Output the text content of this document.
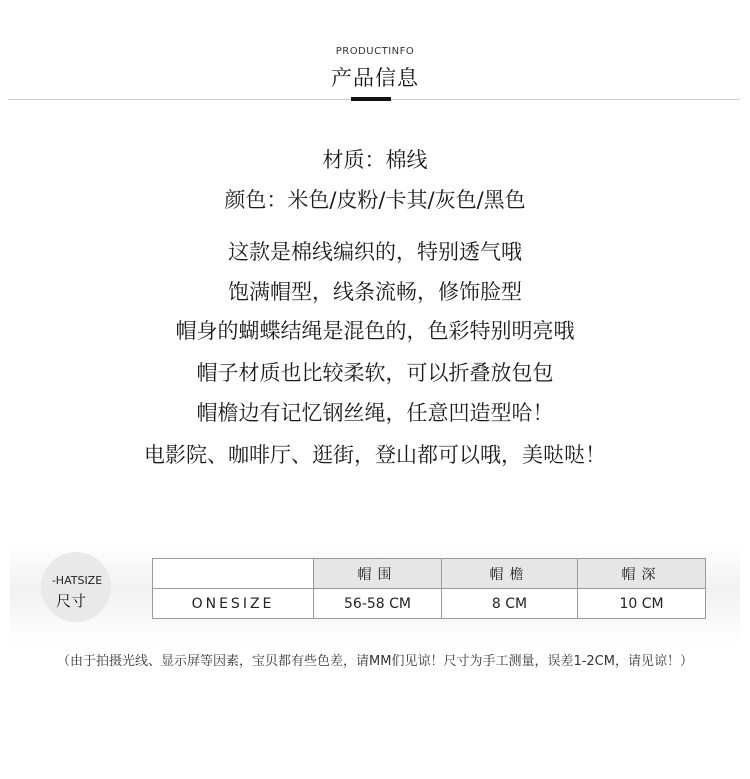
PRODUCTINFO
产品信息
材质：棉线
颜色：米色/皮粉/卡其/灰色/黑色
这款是棉线编织的，特别透气哦
饱满帽型，线条流畅，修饰脸型
帽身的蝴蝶结绳是混色的，色彩特别明亮哦
帽子材质也比较柔软，可以折叠放包包
帽檐边有记忆钢丝绳，任意凹造型哈！
电影院、咖啡厅、逛街，登山都可以哦，美哒哒！
-HATSIZE
尺寸
	帽围	帽檐	帽深
ONESIZE	56-58 CM	8 CM	10 CM
（由于拍摄光线、显示屏等因素，宝贝都有些色差，请MM们见谅！尺寸为手工测量，误差1-2CM，请见谅！）
